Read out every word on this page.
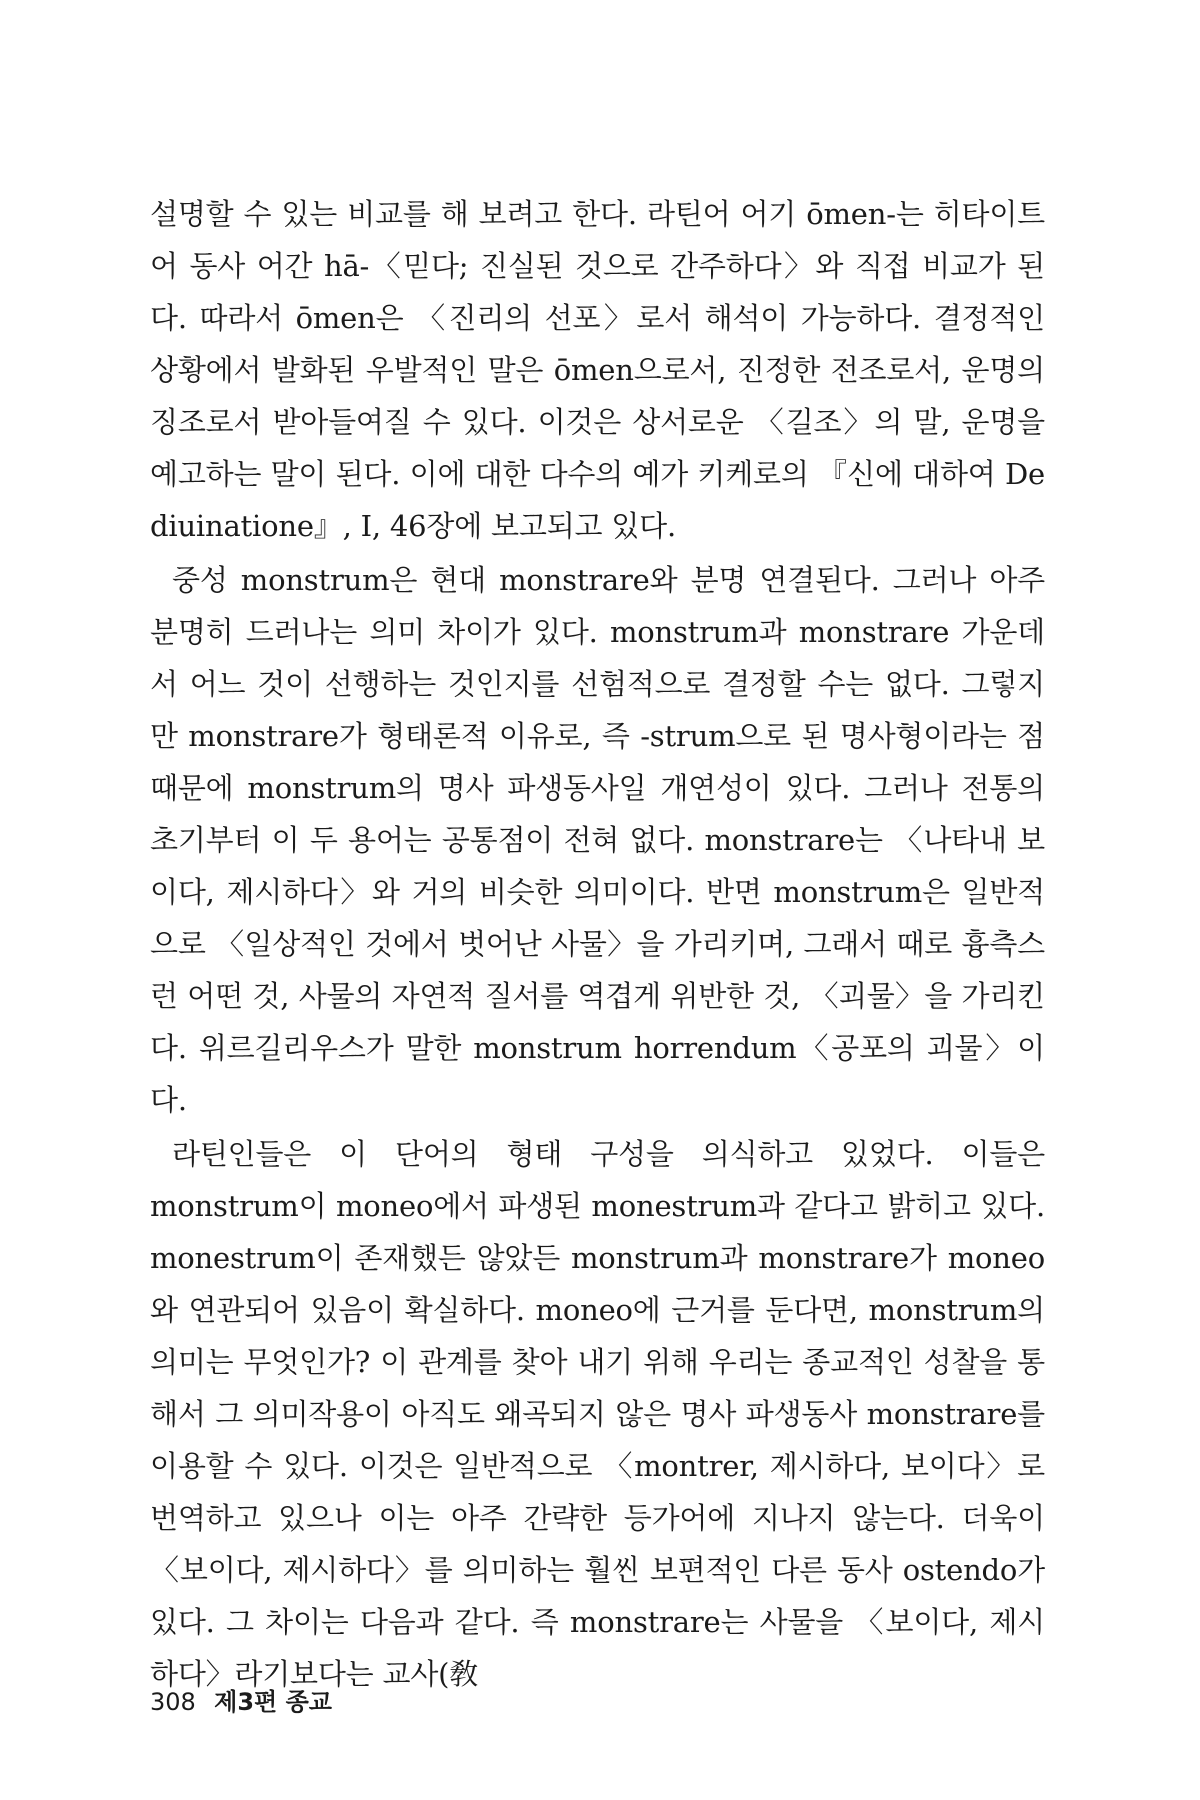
설명할 수 있는 비교를 해 보려고 한다. 라틴어 어기 ōmen-는 히타이트어 동사 어간 hā-〈믿다; 진실된 것으로 간주하다〉와 직접 비교가 된다. 따라서 ōmen은 〈진리의 선포〉로서 해석이 가능하다. 결정적인 상황에서 발화된 우발적인 말은 ōmen으로서, 진정한 전조로서, 운명의 징조로서 받아들여질 수 있다. 이것은 상서로운 〈길조〉의 말, 운명을 예고하는 말이 된다. 이에 대한 다수의 예가 키케로의 『신에 대하여 De diuinatione』, I, 46장에 보고되고 있다.

중성 monstrum은 현대 monstrare와 분명 연결된다. 그러나 아주 분명히 드러나는 의미 차이가 있다. monstrum과 monstrare 가운데서 어느 것이 선행하는 것인지를 선험적으로 결정할 수는 없다. 그렇지만 monstrare가 형태론적 이유로, 즉 -strum으로 된 명사형이라는 점 때문에 monstrum의 명사 파생동사일 개연성이 있다. 그러나 전통의 초기부터 이 두 용어는 공통점이 전혀 없다. monstrare는 〈나타내 보이다, 제시하다〉와 거의 비슷한 의미이다. 반면 monstrum은 일반적으로 〈일상적인 것에서 벗어난 사물〉을 가리키며, 그래서 때로 흉측스런 어떤 것, 사물의 자연적 질서를 역겹게 위반한 것, 〈괴물〉을 가리킨다. 위르길리우스가 말한 monstrum horrendum〈공포의 괴물〉이다.

라틴인들은 이 단어의 형태 구성을 의식하고 있었다. 이들은 monstrum이 moneo에서 파생된 monestrum과 같다고 밝히고 있다. monestrum이 존재했든 않았든 monstrum과 monstrare가 moneo와 연관되어 있음이 확실하다. moneo에 근거를 둔다면, monstrum의 의미는 무엇인가? 이 관계를 찾아 내기 위해 우리는 종교적인 성찰을 통해서 그 의미작용이 아직도 왜곡되지 않은 명사 파생동사 monstrare를 이용할 수 있다. 이것은 일반적으로 〈montrer, 제시하다, 보이다〉로 번역하고 있으나 이는 아주 간략한 등가어에 지나지 않는다. 더욱이 〈보이다, 제시하다〉를 의미하는 훨씬 보편적인 다른 동사 ostendo가 있다. 그 차이는 다음과 같다. 즉 monstrare는 사물을 〈보이다, 제시하다〉라기보다는 교사(敎

308 제3편 종교
